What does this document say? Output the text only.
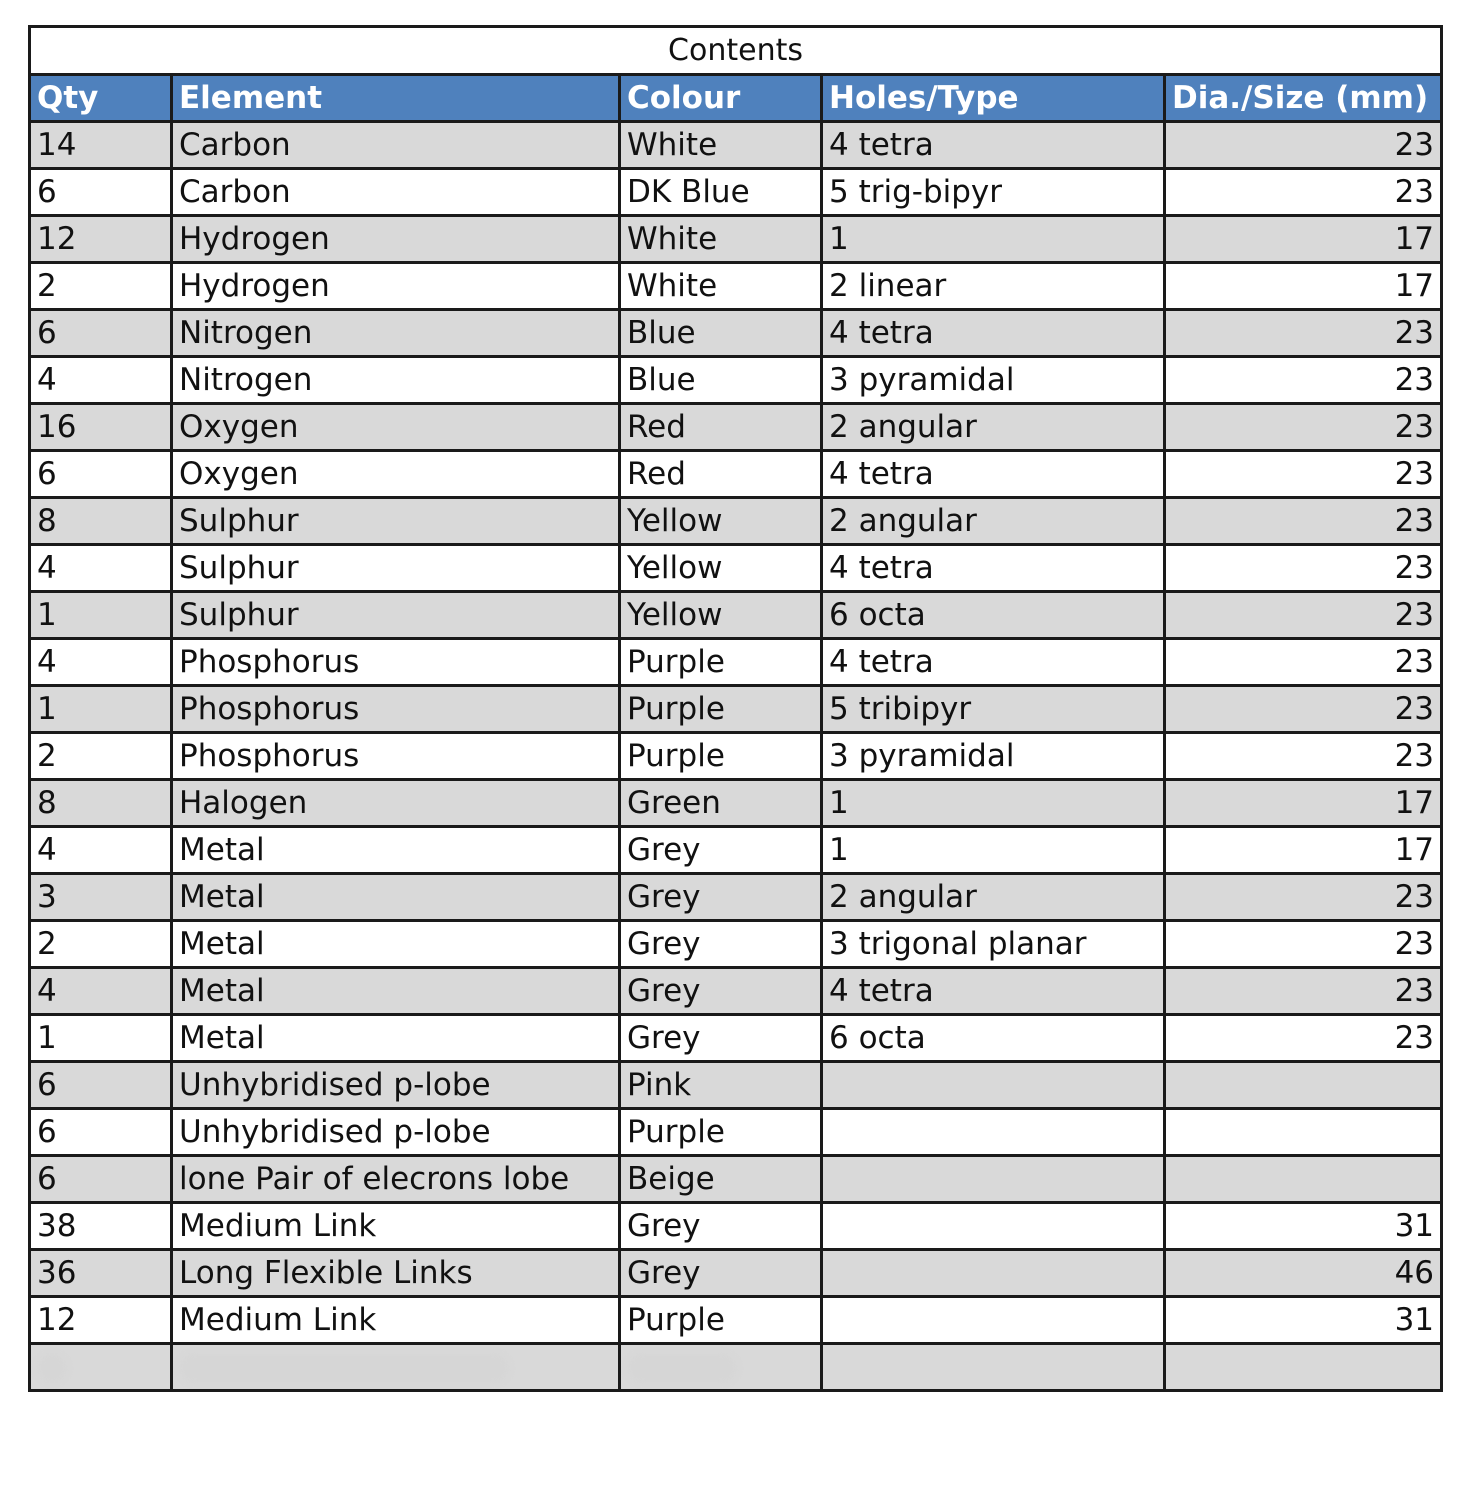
Contents				
Qty	Element	Colour	Holes/Type	Dia./Size (mm)
14	Carbon	White	4 tetra	23
6	Carbon	DK Blue	5 trig-bipyr	23
12	Hydrogen	White	1	17
2	Hydrogen	White	2 linear	17
6	Nitrogen	Blue	4 tetra	23
4	Nitrogen	Blue	3 pyramidal	23
16	Oxygen	Red	2 angular	23
6	Oxygen	Red	4 tetra	23
8	Sulphur	Yellow	2 angular	23
4	Sulphur	Yellow	4 tetra	23
1	Sulphur	Yellow	6 octa	23
4	Phosphorus	Purple	4 tetra	23
1	Phosphorus	Purple	5 tribipyr	23
2	Phosphorus	Purple	3 pyramidal	23
8	Halogen	Green	1	17
4	Metal	Grey	1	17
3	Metal	Grey	2 angular	23
2	Metal	Grey	3 trigonal planar	23
4	Metal	Grey	4 tetra	23
1	Metal	Grey	6 octa	23
6	Unhybridised p-lobe	Pink		
6	Unhybridised p-lobe	Purple		
6	lone Pair of elecrons lobe	Beige		
38	Medium Link	Grey		31
36	Long Flexible Links	Grey		46
12	Medium Link	Purple		31
